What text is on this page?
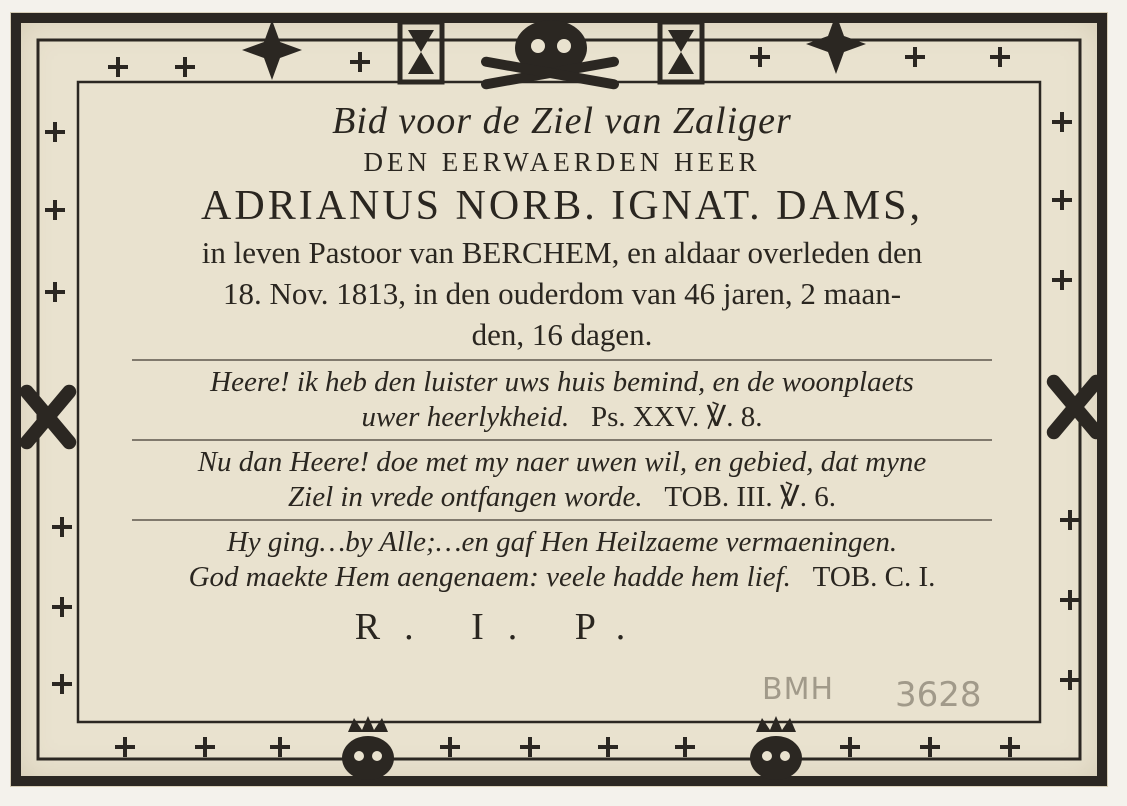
Bid voor de Ziel van Zaliger

DEN EERWAERDEN HEER

ADRIANUS NORB. IGNAT. DAMS,

in leven Pastoor van BERCHEM, en aldaar overleden den

18. Nov. 1813, in den ouderdom van 46 jaren, 2 maan-

den, 16 dagen.

Heere! ik heb den luister uws huis bemind, en de woonplaets

uwer heerlykheid. Ps. XXV. ℣. 8.

Nu dan Heere! doe met my naer uwen wil, en gebied, dat myne

Ziel in vrede ontfangen worde. TOB. III. ℣. 6.

Hy ging…by Alle;…en gaf Hen Heilzaeme vermaeningen.

God maekte Hem aengenaem: veele hadde hem lief. TOB. C. I.

R. I. P.

BMH 3628
